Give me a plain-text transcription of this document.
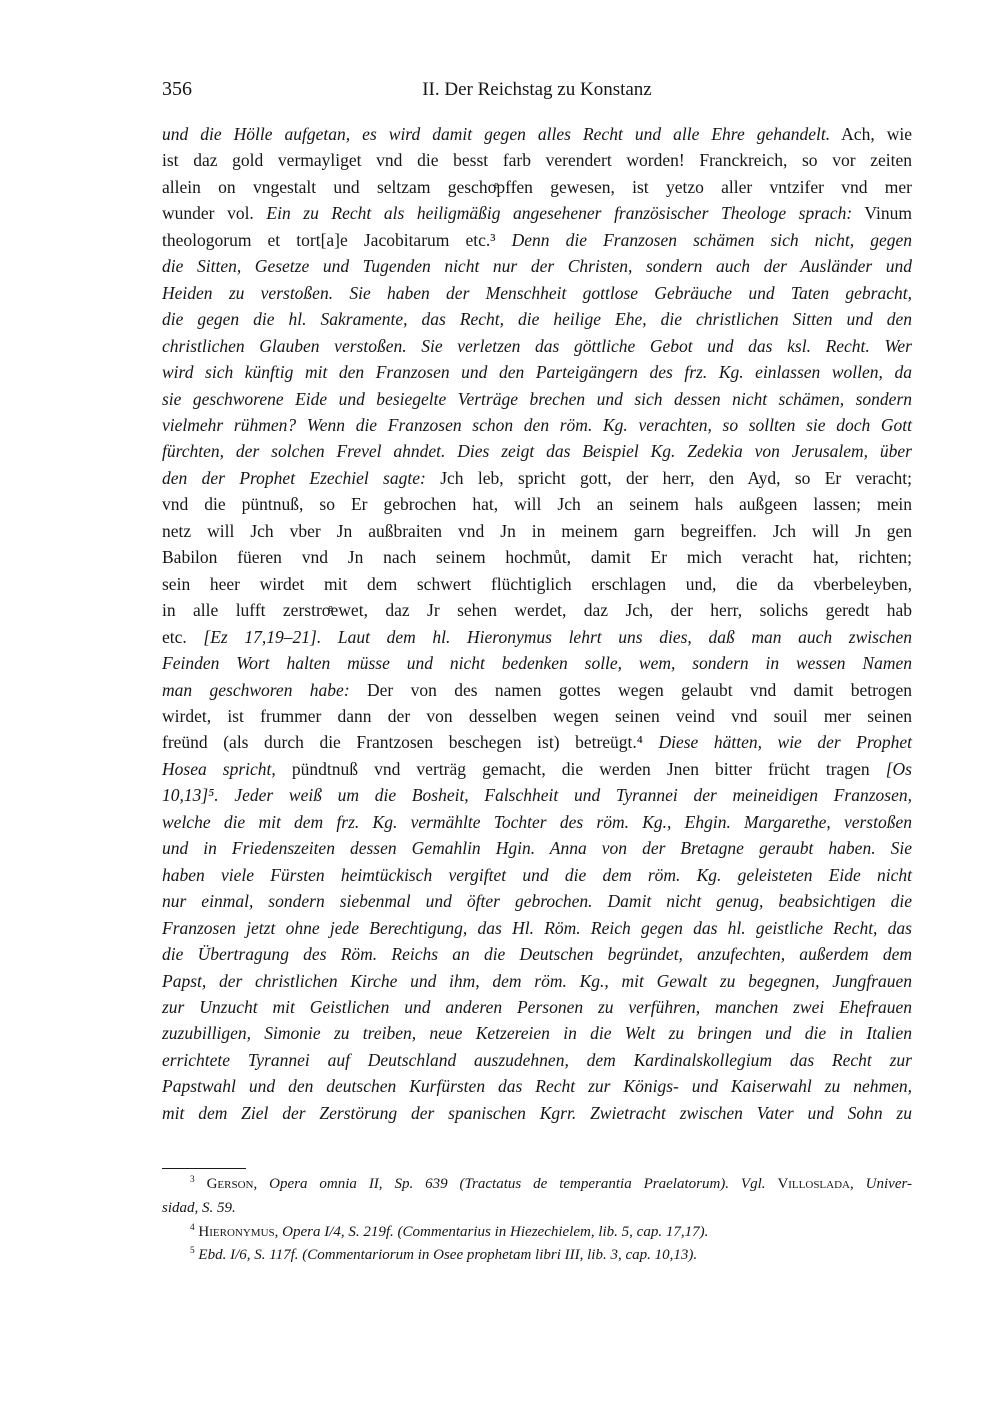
356	II. Der Reichstag zu Konstanz
und die Hölle aufgetan, es wird damit gegen alles Recht und alle Ehre gehandelt. Ach, wie
ist daz gold vermayliget vnd die besst farb verendert worden! Franckreich, so vor zeiten
allein on vngestalt und seltzam geschoͤpffen gewesen, ist yetzo aller vntzifer vnd mer
wunder vol. Ein zu Recht als heiligmäßig angesehener französischer Theologe sprach: Vinum
theologorum et tort[a]e Jacobitarum etc.³ Denn die Franzosen schämen sich nicht, gegen
die Sitten, Gesetze und Tugenden nicht nur der Christen, sondern auch der Ausländer und
Heiden zu verstoßen. Sie haben der Menschheit gottlose Gebräuche und Taten gebracht,
die gegen die hl. Sakramente, das Recht, die heilige Ehe, die christlichen Sitten und den
christlichen Glauben verstoßen. Sie verletzen das göttliche Gebot und das ksl. Recht. Wer
wird sich künftig mit den Franzosen und den Parteigängern des frz. Kg. einlassen wollen, da
sie geschworene Eide und besiegelte Verträge brechen und sich dessen nicht schämen, sondern
vielmehr rühmen? Wenn die Franzosen schon den röm. Kg. verachten, so sollten sie doch Gott
fürchten, der solchen Frevel ahndet. Dies zeigt das Beispiel Kg. Zedekia von Jerusalem, über
den der Prophet Ezechiel sagte: Jch leb, spricht gott, der herr, den Ayd, so Er veracht;
vnd die püntnuß, so Er gebrochen hat, will Jch an seinem hals außgeen lassen; mein
netz will Jch vber Jn außbraiten vnd Jn in meinem garn begreiffen. Jch will Jn gen
Babilon füeren vnd Jn nach seinem hochmůt, damit Er mich veracht hat, richten;
sein heer wirdet mit dem schwert flüchtiglich erschlagen und, die da vberbeleyben,
in alle lufft zerstroͤewet, daz Jr sehen werdet, daz Jch, der herr, solichs geredt hab
etc. [Ez 17,19–21]. Laut dem hl. Hieronymus lehrt uns dies, daß man auch zwischen
Feinden Wort halten müsse und nicht bedenken solle, wem, sondern in wessen Namen
man geschworen habe: Der von des namen gottes wegen gelaubt vnd damit betrogen
wirdet, ist frummer dann der von desselben wegen seinen veind vnd souil mer seinen
freünd (als durch die Frantzosen beschegen ist) betreügt.⁴ Diese hätten, wie der Prophet
Hosea spricht, pündtnuß vnd verträg gemacht, die werden Jnen bitter frücht tragen [Os
10,13]⁵. Jeder weiß um die Bosheit, Falschheit und Tyrannei der meineidigen Franzosen,
welche die mit dem frz. Kg. vermählte Tochter des röm. Kg., Ehgin. Margarethe, verstoßen
und in Friedenszeiten dessen Gemahlin Hgin. Anna von der Bretagne geraubt haben. Sie
haben viele Fürsten heimtückisch vergiftet und die dem röm. Kg. geleisteten Eide nicht
nur einmal, sondern siebenmal und öfter gebrochen. Damit nicht genug, beabsichtigen die
Franzosen jetzt ohne jede Berechtigung, das Hl. Röm. Reich gegen das hl. geistliche Recht, das
die Übertragung des Röm. Reichs an die Deutschen begründet, anzufechten, außerdem dem
Papst, der christlichen Kirche und ihm, dem röm. Kg., mit Gewalt zu begegnen, Jungfrauen
zur Unzucht mit Geistlichen und anderen Personen zu verführen, manchen zwei Ehefrauen
zuzubilligen, Simonie zu treiben, neue Ketzereien in die Welt zu bringen und die in Italien
errichtete Tyrannei auf Deutschland auszudehnen, dem Kardinalskollegium das Recht zur
Papstwahl und den deutschen Kurfürsten das Recht zur Königs- und Kaiserwahl zu nehmen,
mit dem Ziel der Zerstörung der spanischen Kgrr. Zwietracht zwischen Vater und Sohn zu
$^3$ Gerson, Opera omnia II, Sp. 639 (Tractatus de temperantia Praelatorum). Vgl. Villoslada, Univer-
sidad, S. 59.
$^4$ Hieronymus, Opera I/4, S. 219f. (Commentarius in Hiezechielem, lib. 5, cap. 17,17).
$^5$ Ebd. I/6, S. 117f. (Commentariorum in Osee prophetam libri III, lib. 3, cap. 10,13).
